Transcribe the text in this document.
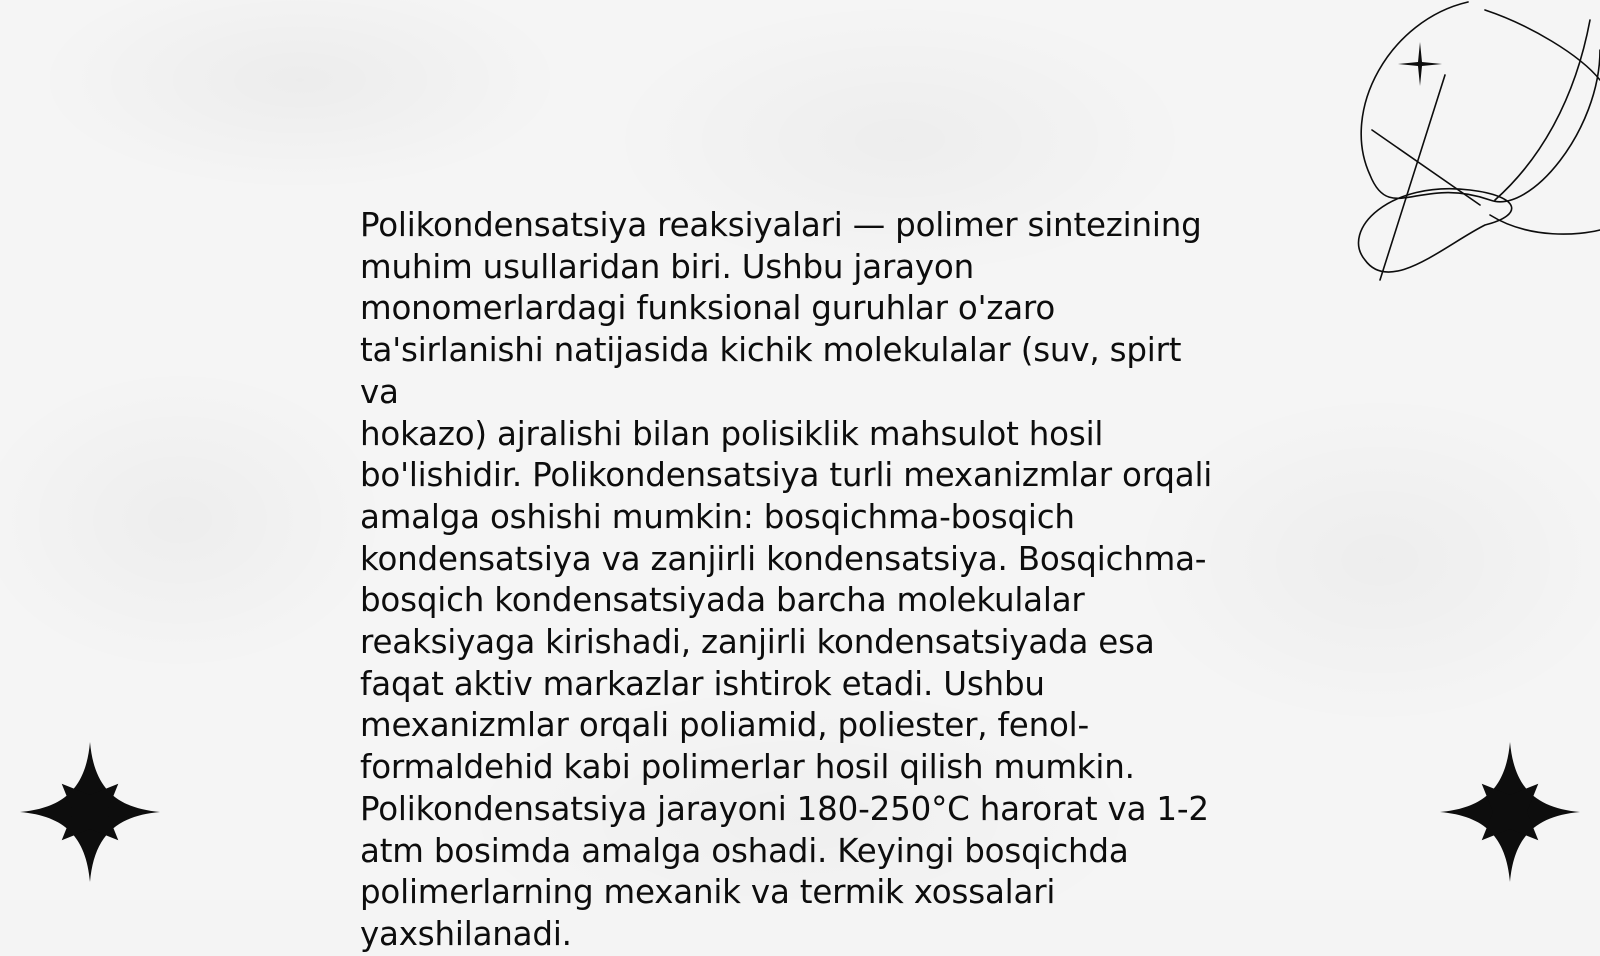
Polikondensatsiya reaksiyalari — polimer sintezining
muhim usullaridan biri. Ushbu jarayon
monomerlardagi funksional guruhlar o'zaro
ta'sirlanishi natijasida kichik molekulalar (suv, spirt va
hokazo) ajralishi bilan polisiklik mahsulot hosil
bo'lishidir. Polikondensatsiya turli mexanizmlar orqali
amalga oshishi mumkin: bosqichma-bosqich
kondensatsiya va zanjirli kondensatsiya. Bosqichma-
bosqich kondensatsiyada barcha molekulalar
reaksiyaga kirishadi, zanjirli kondensatsiyada esa
faqat aktiv markazlar ishtirok etadi. Ushbu
mexanizmlar orqali poliamid, poliester, fenol-
formaldehid kabi polimerlar hosil qilish mumkin.
Polikondensatsiya jarayoni 180-250°C harorat va 1-2
atm bosimda amalga oshadi. Keyingi bosqichda
polimerlarning mexanik va termik xossalari
yaxshilanadi.
